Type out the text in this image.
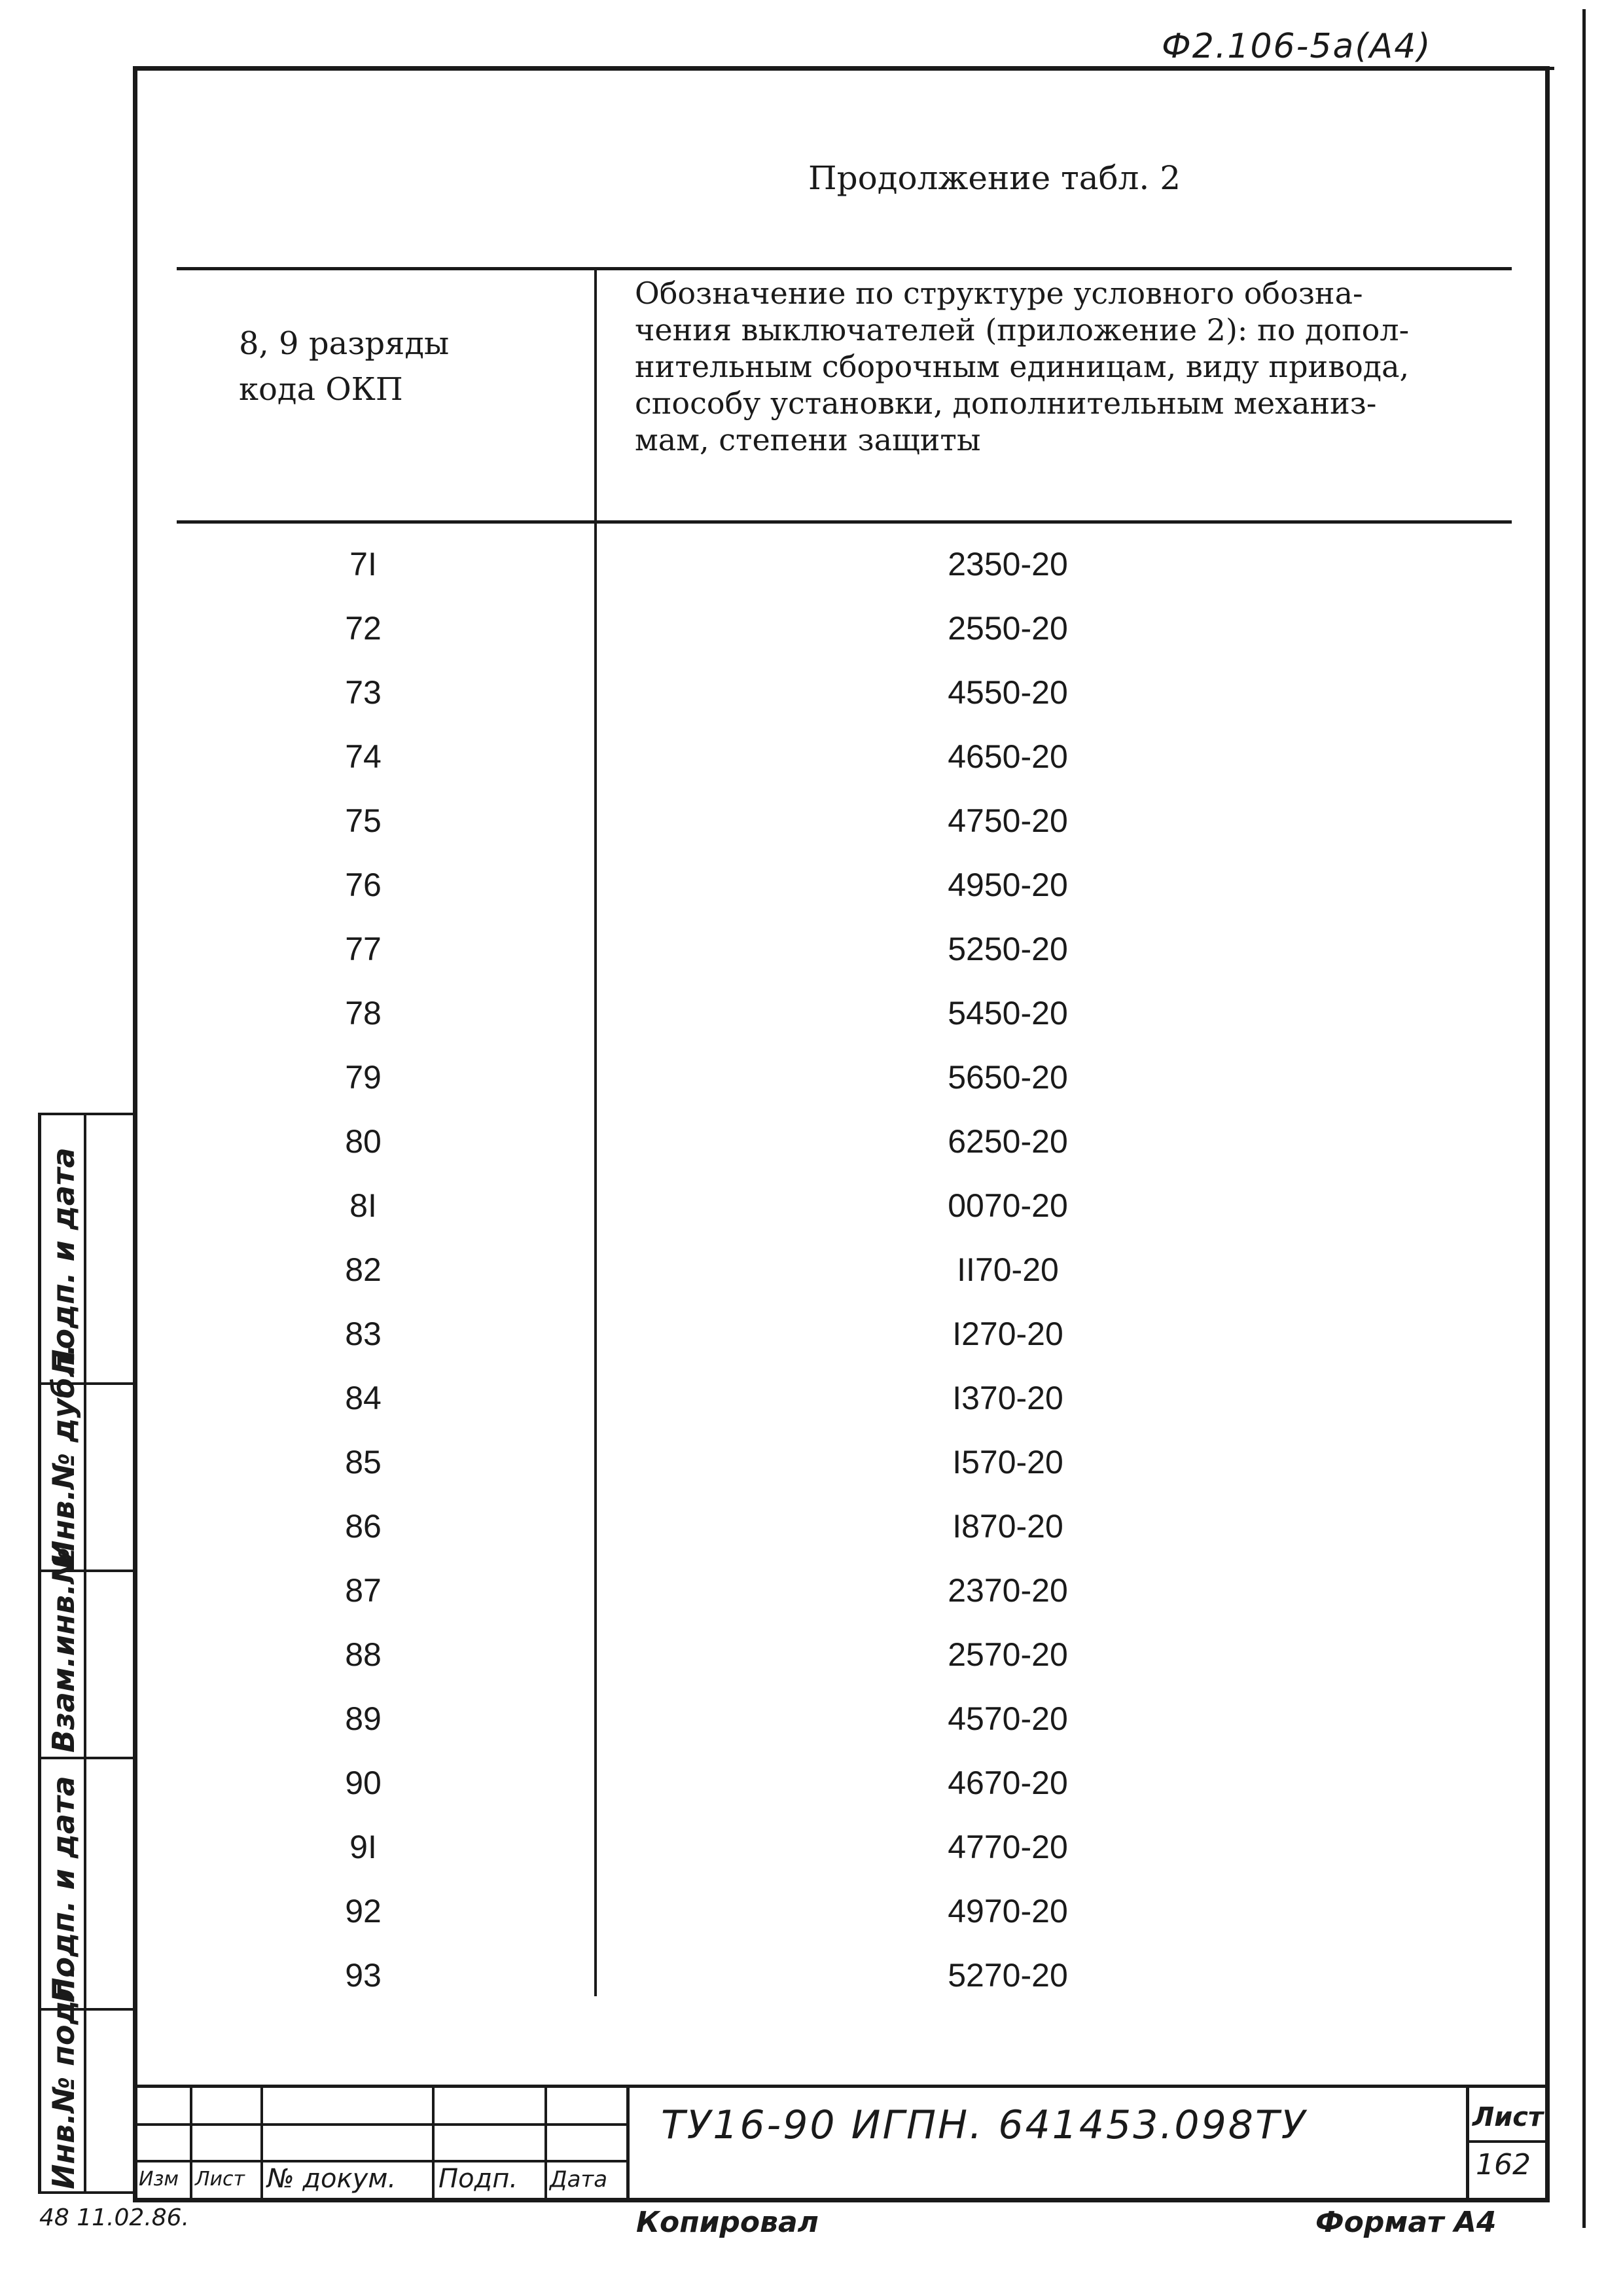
Ф2.106-5а(А4)
Продолжение табл. 2
8, 9 разряды
кода ОКП
Обозначение по структуре условного обозна-
чения выключателей (приложение 2): по допол-
нительным сборочным единицам, виду привода,
способу установки, дополнительным механиз-
мам, степени защиты
7I	2350-20
72	2550-20
73	4550-20
74	4650-20
75	4750-20
76	4950-20
77	5250-20
78	5450-20
79	5650-20
80	6250-20
8I	0070-20
82	II70-20
83	I270-20
84	I370-20
85	I570-20
86	I870-20
87	2370-20
88	2570-20
89	4570-20
90	4670-20
9I	4770-20
92	4970-20
93	5270-20
Подп. и дата
Инв.№ дубл.
Взам.инв.№
Подп. и дата
Инв.№ подл.	Изм Лист № докум. Подп. Дата
ТУ16-90 ИГПН. 641453.098ТУ	Лист
162
48 11.02.86.	Копировал	Формат А4
